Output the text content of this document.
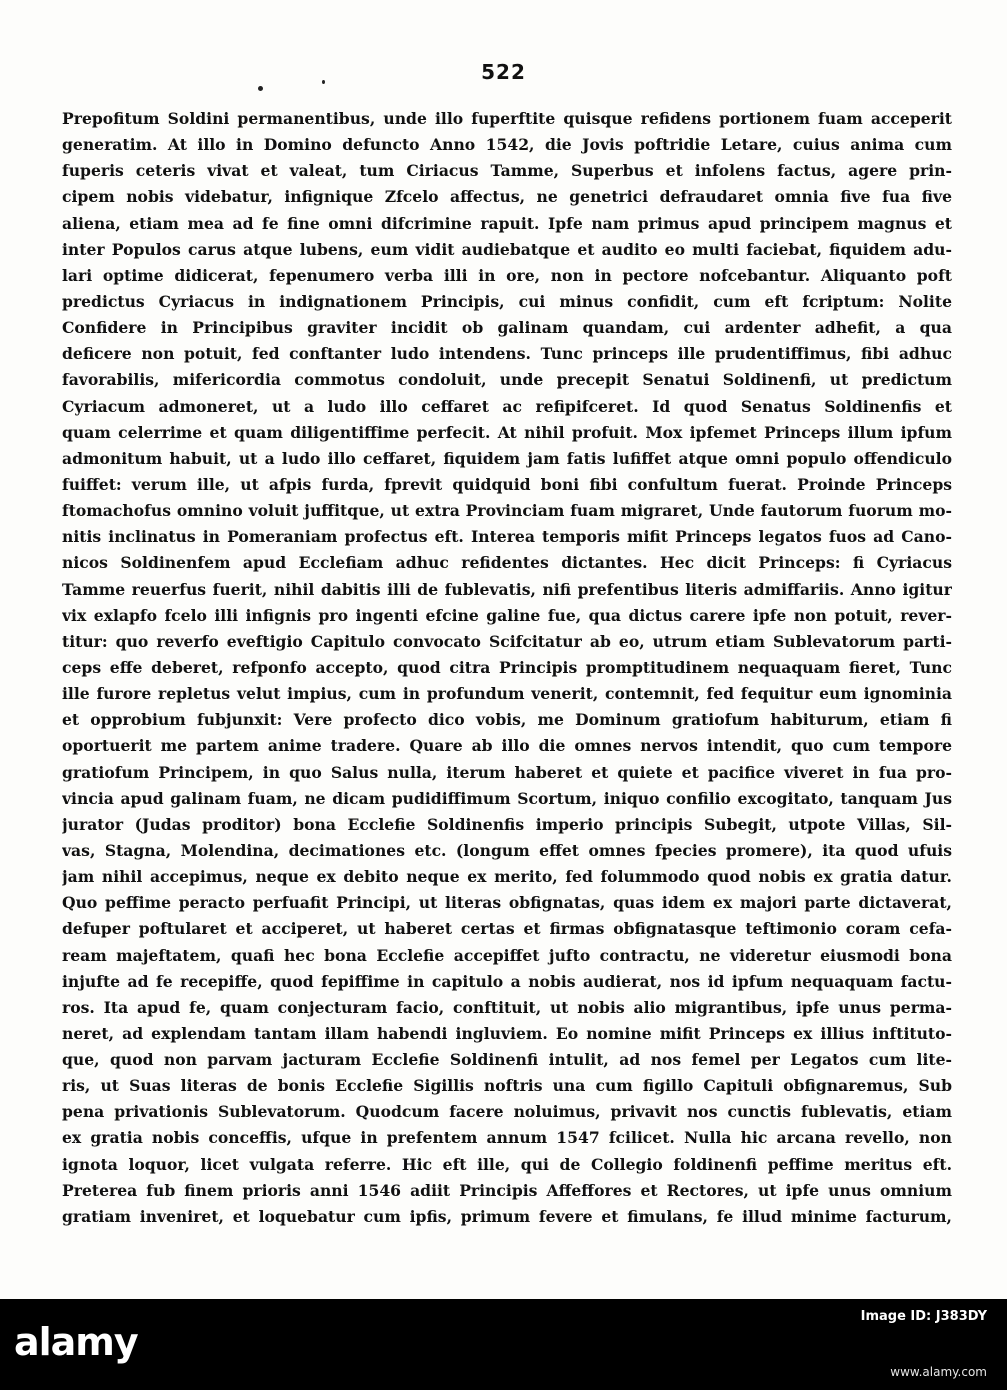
522
Prepofitum Soldini permanentibus, unde illo fuperftite quisque refidens portionem fuam acceperit
generatim. At illo in Domino defuncto Anno 1542, die Jovis poftridie Letare, cuius anima cum
fuperis ceteris vivat et valeat, tum Ciriacus Tamme, Superbus et infolens factus, agere prin-
cipem nobis videbatur, infignique Zfcelo affectus, ne genetrici defraudaret omnia five fua five
aliena, etiam mea ad fe fine omni difcrimine rapuit. Ipfe nam primus apud principem magnus et
inter Populos carus atque lubens, eum vidit audiebatque et audito eo multi faciebat, fiquidem adu-
lari optime didicerat, fepenumero verba illi in ore, non in pectore nofcebantur. Aliquanto poft
predictus Cyriacus in indignationem Principis, cui minus confidit, cum eft fcriptum: Nolite
Confidere in Principibus graviter incidit ob galinam quandam, cui ardenter adhefit, a qua
deficere non potuit, fed conftanter ludo intendens. Tunc princeps ille prudentiffimus, fibi adhuc
favorabilis, mifericordia commotus condoluit, unde precepit Senatui Soldinenfi, ut predictum
Cyriacum admoneret, ut a ludo illo ceffaret ac refipifceret. Id quod Senatus Soldinenfis et
quam celerrime et quam diligentiffime perfecit. At nihil profuit. Mox ipfemet Princeps illum ipfum
admonitum habuit, ut a ludo illo ceffaret, fiquidem jam fatis lufiffet atque omni populo offendiculo
fuiffet: verum ille, ut afpis furda, fprevit quidquid boni fibi confultum fuerat. Proinde Princeps
ftomachofus omnino voluit juffitque, ut extra Provinciam fuam migraret, Unde fautorum fuorum mo-
nitis inclinatus in Pomeraniam profectus eft. Interea temporis mifit Princeps legatos fuos ad Cano-
nicos Soldinenfem apud Ecclefiam adhuc refidentes dictantes. Hec dicit Princeps: fi Cyriacus
Tamme reuerfus fuerit, nihil dabitis illi de fublevatis, nifi prefentibus literis admiffariis. Anno igitur
vix exlapfo fcelo illi infignis pro ingenti efcine galine fue, qua dictus carere ipfe non potuit, rever-
titur: quo reverfo eveftigio Capitulo convocato Scifcitatur ab eo, utrum etiam Sublevatorum parti-
ceps effe deberet, refponfo accepto, quod citra Principis promptitudinem nequaquam fieret, Tunc
ille furore repletus velut impius, cum in profundum venerit, contemnit, fed fequitur eum ignominia
et opprobium fubjunxit: Vere profecto dico vobis, me Dominum gratiofum habiturum, etiam fi
oportuerit me partem anime tradere. Quare ab illo die omnes nervos intendit, quo cum tempore
gratiofum Principem, in quo Salus nulla, iterum haberet et quiete et pacifice viveret in fua pro-
vincia apud galinam fuam, ne dicam pudidiffimum Scortum, iniquo confilio excogitato, tanquam Jus
jurator (Judas proditor) bona Ecclefie Soldinenfis imperio principis Subegit, utpote Villas, Sil-
vas, Stagna, Molendina, decimationes etc. (longum effet omnes fpecies promere), ita quod ufuis
jam nihil accepimus, neque ex debito neque ex merito, fed folummodo quod nobis ex gratia datur.
Quo peffime peracto perfuafit Principi, ut literas obfignatas, quas idem ex majori parte dictaverat,
defuper poftularet et acciperet, ut haberet certas et firmas obfignatasque teftimonio coram cefa-
ream majeftatem, quafi hec bona Ecclefie accepiffet jufto contractu, ne videretur eiusmodi bona
injufte ad fe recepiffe, quod fepiffime in capitulo a nobis audierat, nos id ipfum nequaquam factu-
ros. Ita apud fe, quam conjecturam facio, conftituit, ut nobis alio migrantibus, ipfe unus perma-
neret, ad explendam tantam illam habendi ingluviem. Eo nomine mifit Princeps ex illius inftituto-
que, quod non parvam jacturam Ecclefie Soldinenfi intulit, ad nos femel per Legatos cum lite-
ris, ut Suas literas de bonis Ecclefie Sigillis noftris una cum figillo Capituli obfignaremus, Sub
pena privationis Sublevatorum. Quodcum facere noluimus, privavit nos cunctis fublevatis, etiam
ex gratia nobis conceffis, ufque in prefentem annum 1547 fcilicet. Nulla hic arcana revello, non
ignota loquor, licet vulgata referre. Hic eft ille, qui de Collegio foldinenfi peffime meritus eft.
Preterea fub finem prioris anni 1546 adiit Principis Affeffores et Rectores, ut ipfe unus omnium
gratiam inveniret, et loquebatur cum ipfis, primum fevere et fimulans, fe illud minime facturum,
alamy
Image ID: J383DY
www.alamy.com
